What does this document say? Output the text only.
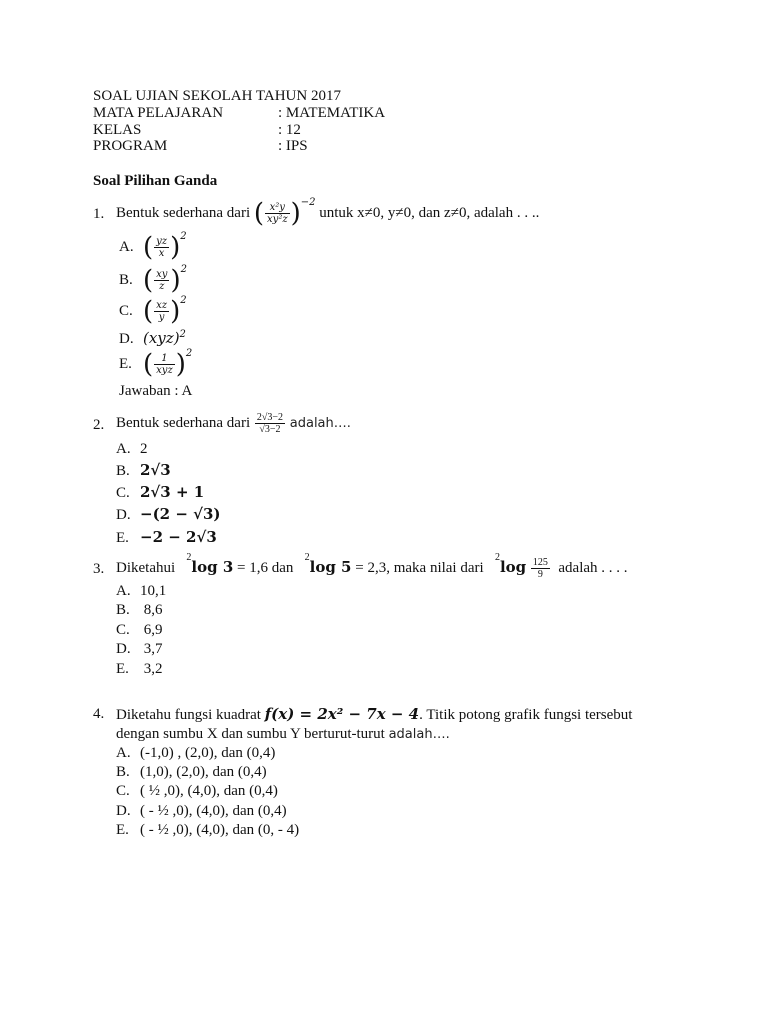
SOAL UJIAN SEKOLAH TAHUN 2017
MATA PELAJARAN	: MATEMATIKA
KELAS	: 12
PROGRAM	: IPS
Soal Pilihan Ganda
1. Bentuk sederhana dari ( $\frac{\text{x²y}}{\text{xy²z}} )^{-2}$ untuk x≠0, y≠0, dan z≠0, adalah . . ..
A. ( $\frac{yz}{x} )^2$
B. ( $\frac{xy}{z} )^2$
C. ( $\frac{xz}{y} )^2$
D. (xyz)$^2$
E. ( $\frac{1}{\text{xyz}} )^2$
Jawaban : A
2. Bentuk sederhana dari $\frac{2√3-2}{√3-2}$ adalah….
A. 2
B. 2√3
C. 2√3 + 1
D. −(2 − √3)
E. −2 − 2√3
3. Diketahui   $^2$log 3 = 1,6 dan   $^2$log 5 = 2,3, maka nilai dari   $^2\log \frac{125}{9}$ adalah . . . .
A. 10,1
B. 8,6
C. 6,9
D. 3,7
E. 3,2
4. Diketahu fungsi kuadrat f(x) = 2x² − 7x − 4. Titik potong grafik fungsi tersebut
dengan sumbu X dan sumbu Y berturut-turut adalah….
A. (-1,0) , (2,0), dan (0,4)
B. (1,0), (2,0), dan (0,4)
C. ( ½ ,0), (4,0), dan (0,4)
D. ( - ½ ,0), (4,0), dan (0,4)
E. ( - ½ ,0), (4,0), dan (0, - 4)
